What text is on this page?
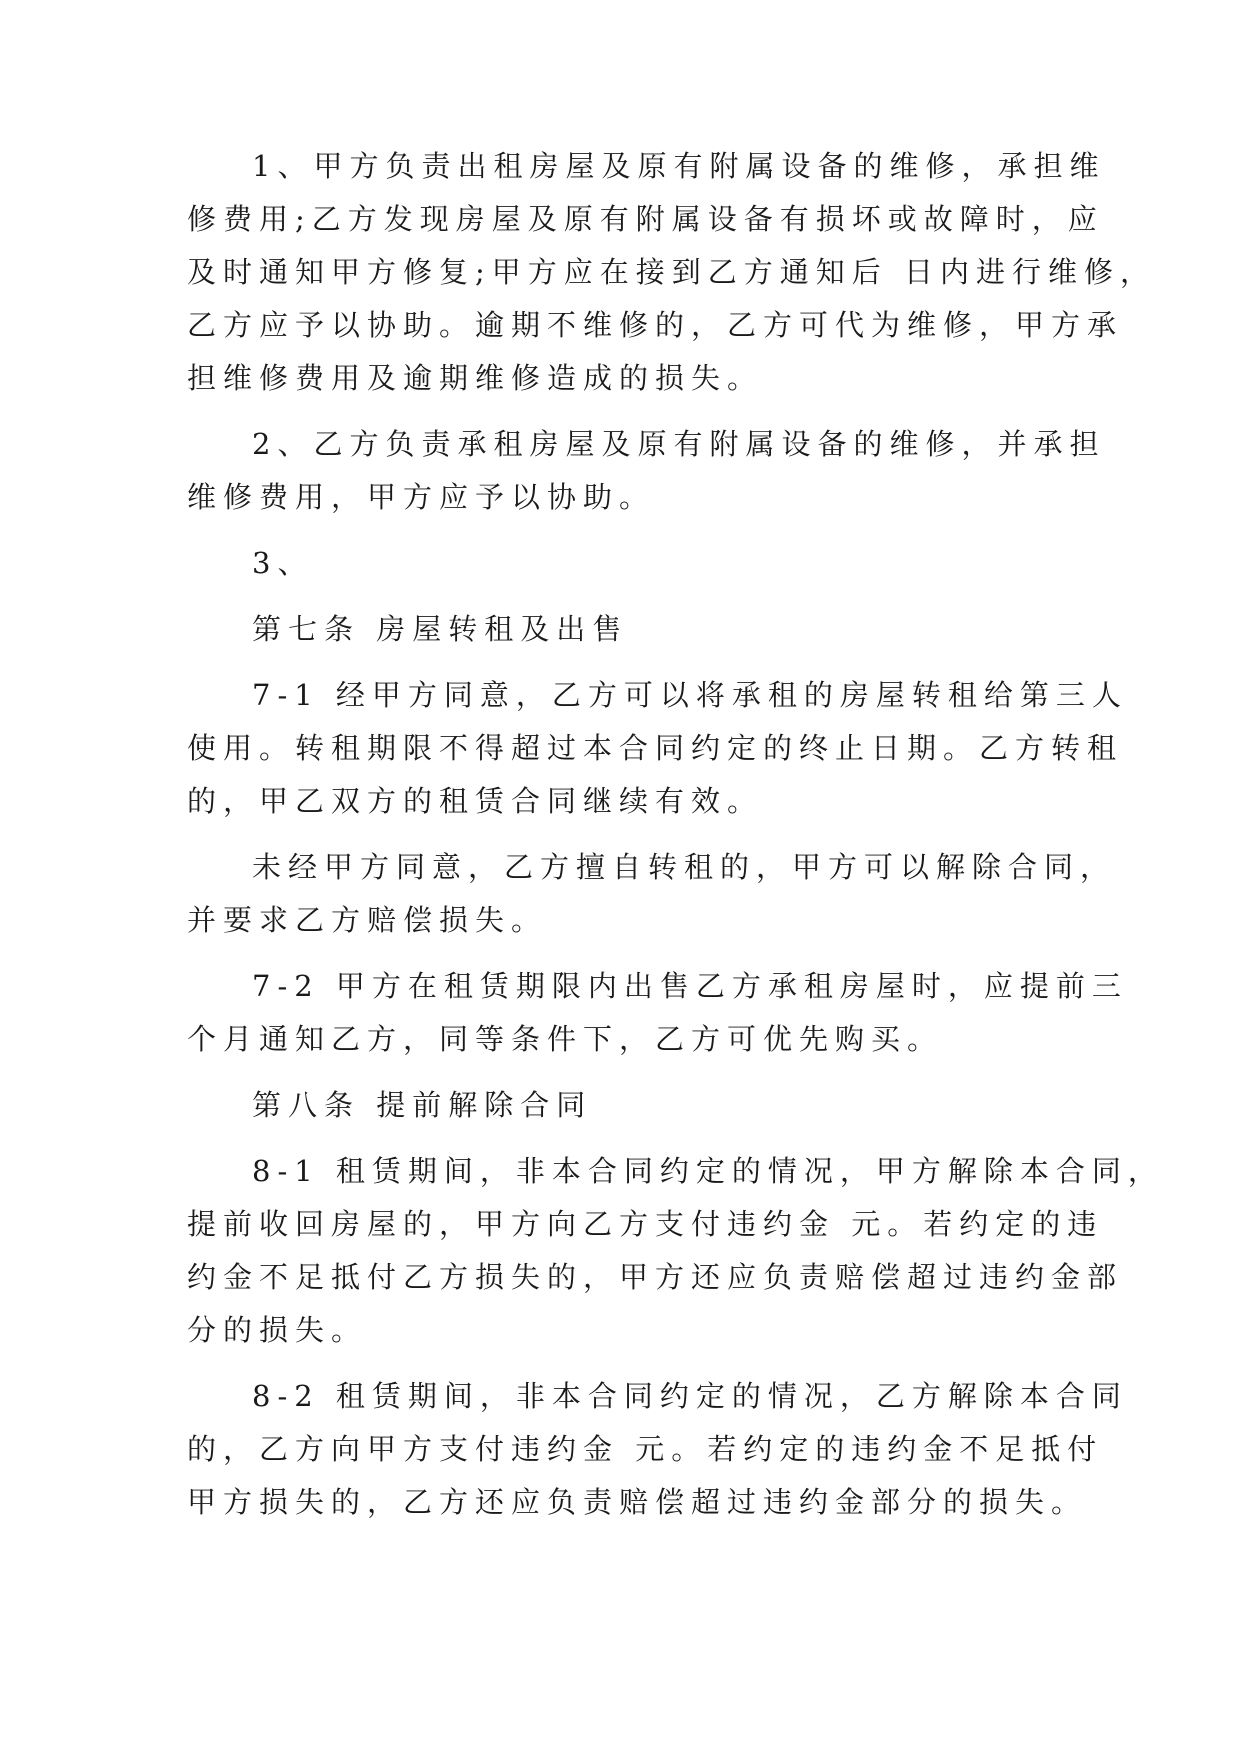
1、甲方负责出租房屋及原有附属设备的维修，承担维

修费用;乙方发现房屋及原有附属设备有损坏或故障时，应

及时通知甲方修复;甲方应在接到乙方通知后 日内进行维修，

乙方应予以协助。逾期不维修的，乙方可代为维修，甲方承

担维修费用及逾期维修造成的损失。

2、乙方负责承租房屋及原有附属设备的维修，并承担

维修费用，甲方应予以协助。

3、

第七条 房屋转租及出售

7-1 经甲方同意，乙方可以将承租的房屋转租给第三人

使用。转租期限不得超过本合同约定的终止日期。乙方转租

的，甲乙双方的租赁合同继续有效。

未经甲方同意，乙方擅自转租的，甲方可以解除合同，

并要求乙方赔偿损失。

7-2 甲方在租赁期限内出售乙方承租房屋时，应提前三

个月通知乙方，同等条件下，乙方可优先购买。

第八条 提前解除合同

8-1 租赁期间，非本合同约定的情况，甲方解除本合同，

提前收回房屋的，甲方向乙方支付违约金 元。若约定的违

约金不足抵付乙方损失的，甲方还应负责赔偿超过违约金部

分的损失。

8-2 租赁期间，非本合同约定的情况，乙方解除本合同

的，乙方向甲方支付违约金 元。若约定的违约金不足抵付

甲方损失的，乙方还应负责赔偿超过违约金部分的损失。
